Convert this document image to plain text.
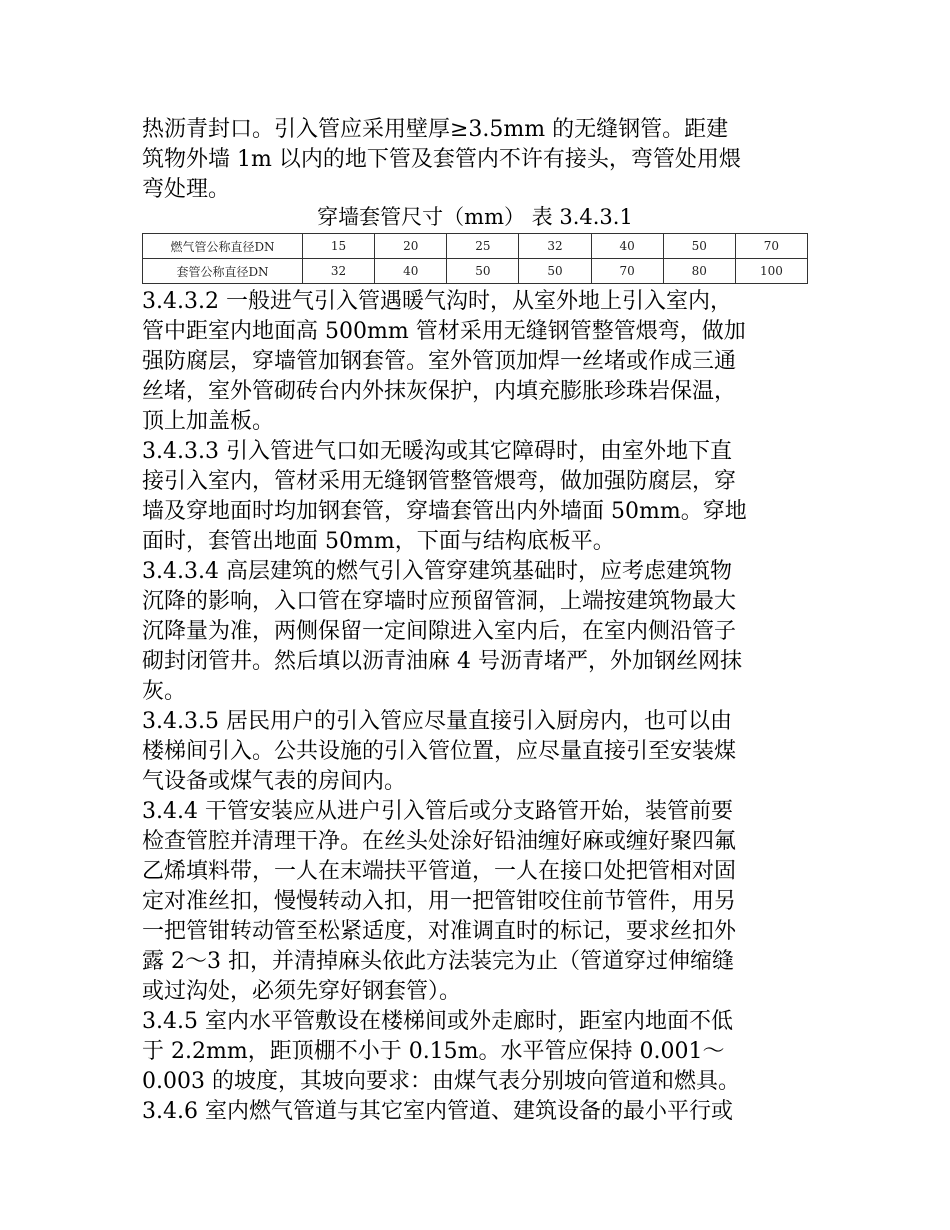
热沥青封口。引入管应采用壁厚≥3.5mm 的无缝钢管。距建
筑物外墙 1m 以内的地下管及套管内不许有接头，弯管处用煨
弯处理。
穿墙套管尺寸（mm） 表 3.4.3.1
燃气管公称直径DN	15	20	25	32	40	50	70
套管公称直径DN	32	40	50	50	70	80	100
3.4.3.2 一般进气引入管遇暖气沟时，从室外地上引入室内，
管中距室内地面高 500mm 管材采用无缝钢管整管煨弯，做加
强防腐层，穿墙管加钢套管。室外管顶加焊一丝堵或作成三通
丝堵，室外管砌砖台内外抹灰保护，内填充膨胀珍珠岩保温，
顶上加盖板。
3.4.3.3 引入管进气口如无暖沟或其它障碍时，由室外地下直
接引入室内，管材采用无缝钢管整管煨弯，做加强防腐层，穿
墙及穿地面时均加钢套管，穿墙套管出内外墙面 50mm。穿地
面时，套管出地面 50mm，下面与结构底板平。
3.4.3.4 高层建筑的燃气引入管穿建筑基础时，应考虑建筑物
沉降的影响，入口管在穿墙时应预留管洞，上端按建筑物最大
沉降量为准，两侧保留一定间隙进入室内后，在室内侧沿管子
砌封闭管井。然后填以沥青油麻 4 号沥青堵严，外加钢丝网抹
灰。
3.4.3.5 居民用户的引入管应尽量直接引入厨房内，也可以由
楼梯间引入。公共设施的引入管位置，应尽量直接引至安装煤
气设备或煤气表的房间内。
3.4.4 干管安装应从进户引入管后或分支路管开始，装管前要
检查管腔并清理干净。在丝头处涂好铅油缠好麻或缠好聚四氟
乙烯填料带，一人在末端扶平管道，一人在接口处把管相对固
定对准丝扣，慢慢转动入扣，用一把管钳咬住前节管件，用另
一把管钳转动管至松紧适度，对准调直时的标记，要求丝扣外
露 2～3 扣，并清掉麻头依此方法装完为止（管道穿过伸缩缝
或过沟处，必须先穿好钢套管）。
3.4.5 室内水平管敷设在楼梯间或外走廊时，距室内地面不低
于 2.2mm，距顶棚不小于 0.15m。水平管应保持 0.001～
0.003 的坡度，其坡向要求：由煤气表分别坡向管道和燃具。
3.4.6 室内燃气管道与其它室内管道、建筑设备的最小平行或
